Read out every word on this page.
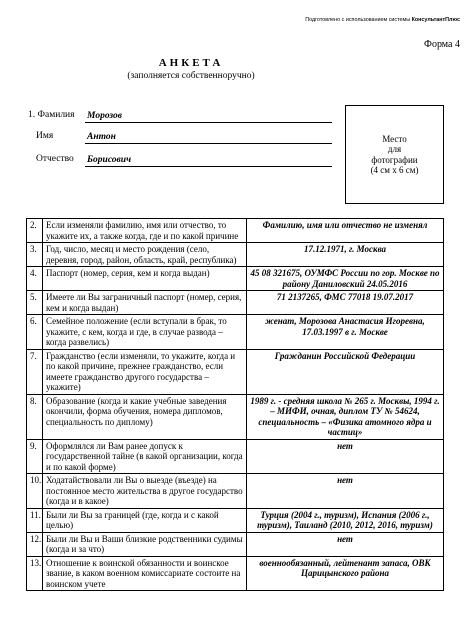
Подготовлено с использованием системы КонсультантПлюс
Форма 4
АНКЕТА
(заполняется собственноручно)
1. Фамилия Морозов
Имя	Антон
Отчество Борисович
Место
для
фотографии
(4 см x 6 см)
2.	Если изменяли фамилию, имя или отчество, то укажите их, а также когда, где и по какой причине	Фамилию, имя или отчество не изменял
3.	Год, число, месяц и место рождения (село, деревня, город, район, область, край, республика)	17.12.1971, г. Москва
4.	Паспорт (номер, серия, кем и когда выдан)	45 08 321675, ОУМФС России по гор. Москве по району Даниловский 24.05.2016
5.	Имеете ли Вы заграничный паспорт (номер, серия, кем и когда выдан)	71 2137265, ФМС 77018 19.07.2017
6.	Семейное положение (если вступали в брак, то укажите, с кем, когда и где, в случае развода – когда развелись)	женат, Морозова Анастасия Игоревна, 17.03.1997 в г. Москве
7.	Гражданство (если изменяли, то укажите, когда и по какой причине, прежнее гражданство, если имеете гражданство другого государства – укажите)	Гражданин Российской Федерации
8.	Образование (когда и какие учебные заведения окончили, форма обучения, номера дипломов, специальность по диплому)	1989 г. - средняя школа № 265 г. Москвы, 1994 г. – МИФИ, очная, диплом ТУ № 54624, специальность – «Физика атомного ядра и частиц»
9.	Оформлялся ли Вам ранее допуск к государственной тайне (в какой организации, когда и по какой форме)	нет
10.	Ходатайствовали ли Вы о выезде (въезде) на постоянное место жительства в другое государство (когда и в какое)	нет
11.	Были ли Вы за границей (где, когда и с какой целью)	Турция (2004 г., туризм), Испания (2006 г., туризм), Таиланд (2010, 2012, 2016, туризм)
12.	Были ли Вы и Ваши близкие родственники судимы (когда и за что)	нет
13.	Отношение к воинской обязанности и воинское звание, в каком военном комиссариате состоите на воинском учете	военнообязанный, лейтенант запаса, ОВК Царицынского района
